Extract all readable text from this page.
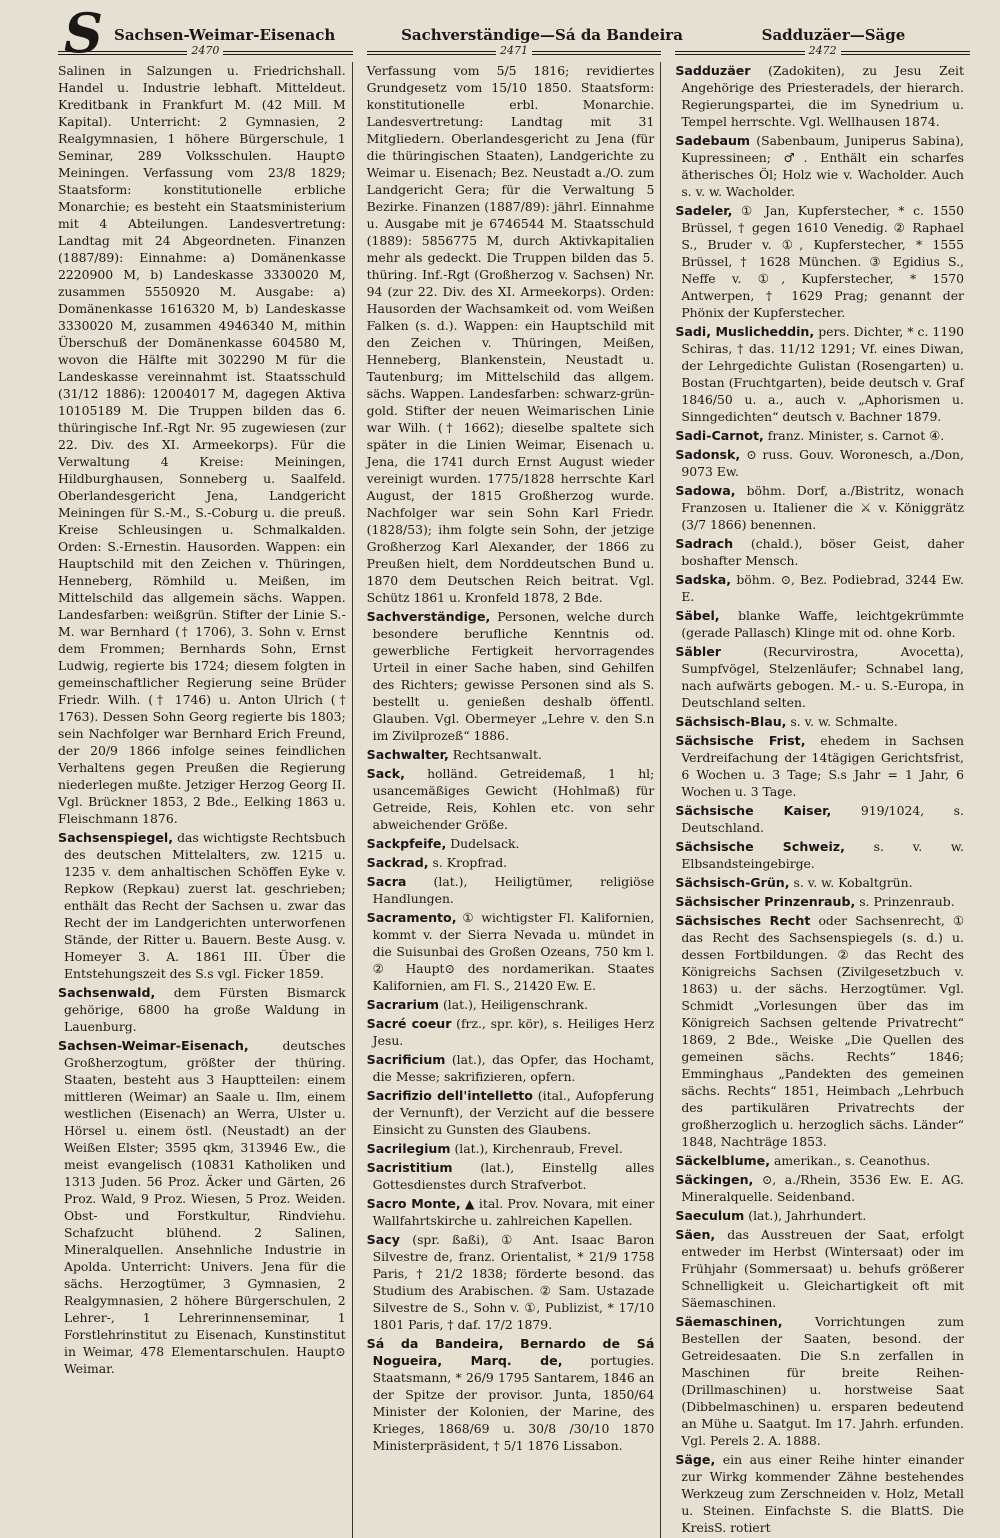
S Sachsen-Weimar-Eisenach	Sachverständige—Sá da Bandeira	Sadduzäer—Säge
2470	2471	2472

Salinen in Salzungen u. Friedrichshall. Handel u. Industrie lebhaft. Mitteldeut. Kreditbank in Frankfurt M. (42 Mill. M Kapital). Unterricht: 2 Gymnasien, 2 Realgymnasien, 1 höhere Bürgerschule, 1 Seminar, 289 Volksschulen. Haupt⊙ Meiningen. Verfassung vom 23/8 1829; Staatsform: konstitutionelle erbliche Monarchie; es besteht ein Staatsministerium mit 4 Abteilungen. Landesvertretung: Landtag mit 24 Abgeordneten. Finanzen (1887/89): Einnahme: a) Domänenkasse 2220900 M, b) Landeskasse 3330020 M, zusammen 5550920 M. Ausgabe: a) Domänenkasse 1616320 M, b) Landeskasse 3330020 M, zusammen 4946340 M, mithin Überschuß der Domänenkasse 604580 M, wovon die Hälfte mit 302290 M für die Landeskasse vereinnahmt ist. Staatsschuld (31/12 1886): 12004017 M, dagegen Aktiva 10105189 M. Die Truppen bilden das 6. thüringische Inf.-Rgt Nr. 95 zugewiesen (zur 22. Div. des XI. Armeekorps). Für die Verwaltung 4 Kreise: Meiningen, Hildburghausen, Sonneberg u. Saalfeld. Oberlandesgericht Jena, Landgericht Meiningen für S.-M., S.-Coburg u. die preuß. Kreise Schleusingen u. Schmalkalden. Orden: S.-Ernestin. Hausorden. Wappen: ein Hauptschild mit den Zeichen v. Thüringen, Henneberg, Römhild u. Meißen, im Mittelschild das allgemein sächs. Wappen. Landesfarben: weißgrün. Stifter der Linie S.-M. war Bernhard († 1706), 3. Sohn v. Ernst dem Frommen; Bernhards Sohn, Ernst Ludwig, regierte bis 1724; diesem folgten in gemeinschaftlicher Regierung seine Brüder Friedr. Wilh. († 1746) u. Anton Ulrich († 1763). Dessen Sohn Georg regierte bis 1803; sein Nachfolger war Bernhard Erich Freund, der 20/9 1866 infolge seines feindlichen Verhaltens gegen Preußen die Regierung niederlegen mußte. Jetziger Herzog Georg II. Vgl. Brückner 1853, 2 Bde., Eelking 1863 u. Fleischmann 1876.

Sachsenspiegel, das wichtigste Rechtsbuch des deutschen Mittelalters, zw. 1215 u. 1235 v. dem anhaltischen Schöffen Eyke v. Repkow (Repkau) zuerst lat. geschrieben; enthält das Recht der Sachsen u. zwar das Recht der im Landgerichten unterworfenen Stände, der Ritter u. Bauern. Beste Ausg. v. Homeyer 3. A. 1861 III. Über die Entstehungszeit des S.s vgl. Ficker 1859.

Sachsenwald, dem Fürsten Bismarck gehörige, 6800 ha große Waldung in Lauenburg.

Sachsen-Weimar-Eisenach,	deutsches Großherzogtum, größter der thüring. Staaten, besteht aus 3 Hauptteilen: einem mittleren (Weimar) an Saale u. Ilm, einem westlichen (Eisenach) an Werra, Ulster u. Hörsel u. einem östl. (Neustadt) an der Weißen Elster; 3595 qkm, 313946 Ew., die meist evangelisch (10831 Katholiken und 1313 Juden. 56 Proz. Äcker und Gärten, 26 Proz. Wald, 9 Proz. Wiesen, 5 Proz. Weiden. Obst- und Forstkultur, Rindviehu. Schafzucht blühend. 2 Salinen, Mineralquellen. Ansehnliche Industrie in Apolda. Unterricht: Univers. Jena für die sächs. Herzogtümer, 3 Gymnasien, 2 Realgymnasien, 2 höhere Bürgerschulen, 2 Lehrer-, 1 Lehrerinnenseminar, 1 Forstlehrinstitut zu Eisenach, Kunstinstitut in Weimar, 478 Elementarschulen. Haupt⊙ Weimar.

Verfassung vom 5/5 1816; revidiertes Grundgesetz vom 15/10 1850. Staatsform: konstitutionelle erbl. Monarchie. Landesvertretung: Landtag mit 31 Mitgliedern. Oberlandesgericht zu Jena (für die thüringischen Staaten), Landgerichte zu Weimar u. Eisenach; Bez. Neustadt a./O. zum Landgericht Gera; für die Verwaltung 5 Bezirke. Finanzen (1887/89): jährl. Einnahme u. Ausgabe mit je 6746544 M. Staatsschuld (1889): 5856775 M, durch Aktivkapitalien mehr als gedeckt. Die Truppen bilden das 5. thüring. Inf.-Rgt (Großherzog v. Sachsen) Nr. 94 (zur 22. Div. des XI. Armeekorps). Orden: Hausorden der Wachsamkeit od. vom Weißen Falken (s. d.). Wappen: ein Hauptschild mit den Zeichen v. Thüringen, Meißen, Henneberg, Blankenstein, Neustadt u. Tautenburg; im Mittelschild das allgem. sächs. Wappen. Landesfarben: schwarz-grün-gold. Stifter der neuen Weimarischen Linie war Wilh. († 1662); dieselbe spaltete sich später in die Linien Weimar, Eisenach u. Jena, die 1741 durch Ernst August wieder vereinigt wurden. 1775/1828 herrschte Karl August, der 1815 Großherzog wurde. Nachfolger war sein Sohn Karl Friedr. (1828/53); ihm folgte sein Sohn, der jetzige Großherzog Karl Alexander, der 1866 zu Preußen hielt, dem Norddeutschen Bund u. 1870 dem Deutschen Reich beitrat. Vgl. Schütz 1861 u. Kronfeld 1878, 2 Bde.

Sachverständige, Personen, welche durch besondere berufliche Kenntnis od. gewerbliche Fertigkeit hervorragendes Urteil in einer Sache haben, sind Gehilfen des Richters; gewisse Personen sind als S. bestellt u. genießen deshalb öffentl. Glauben. Vgl. Obermeyer „Lehre v. den S.n im Zivilprozeß“ 1886.

Sachwalter, Rechtsanwalt.

Sack, holländ. Getreidemaß, 1 hl; usancemäßiges Gewicht (Hohlmaß) für Getreide, Reis, Kohlen etc. von sehr abweichender Größe.

Sackpfeife, Dudelsack.

Sackrad, s. Kropfrad.

Sacra (lat.), Heiligtümer, religiöse Handlungen.

Sacramento, ① wichtigster Fl. Kalifornien, kommt v. der Sierra Nevada u. mündet in die Suisunbai des Großen Ozeans, 750 km l. ② Haupt⊙ des nordamerikan. Staates Kalifornien, am Fl. S., 21420 Ew. E.

Sacrarium (lat.), Heiligenschrank.

Sacré coeur (frz., spr. kör), s. Heiliges Herz Jesu.

Sacrificium (lat.), das Opfer, das Hochamt, die Messe; sakrifizieren, opfern.

Sacrifizio dell'intelletto (ital., Aufopferung der Vernunft), der Verzicht auf die bessere Einsicht zu Gunsten des Glaubens.

Sacrilegium (lat.), Kirchenraub, Frevel.

Sacristitium (lat.), Einstellg alles Gottesdienstes durch Strafverbot.

Sacro Monte, ▲ ital. Prov. Novara, mit einer Wallfahrtskirche u. zahlreichen Kapellen.

Sacy (spr. ßaßi), ① Ant. Isaac Baron Silvestre de, franz. Orientalist, * 21/9 1758 Paris, † 21/2 1838; förderte besond. das Studium des Arabischen. ② Sam. Ustazade Silvestre de S., Sohn v. ①, Publizist, * 17/10 1801 Paris, † daf. 17/2 1879.

Sá da Bandeira, Bernardo de Sá Nogueira, Marq. de, portugies. Staatsmann, * 26/9 1795 Santarem, 1846 an der Spitze der provisor. Junta, 1850/64 Minister der Kolonien, der Marine, des Krieges, 1868/69 u. 30/8 /30/10 1870 Ministerpräsident, † 5/1 1876 Lissabon.

Sadduzäer (Zadokiten), zu Jesu Zeit Angehörige des Priesteradels, der hierarch. Regierungspartei, die im Synedrium u. Tempel herrschte. Vgl. Wellhausen 1874.

Sadebaum (Sabenbaum, Juniperus Sabina), Kupressineen; ♂. Enthält ein scharfes ätherisches Öl; Holz wie v. Wacholder. Auch s. v. w. Wacholder.

Sadeler, ① Jan, Kupferstecher, * c. 1550 Brüssel, † gegen 1610 Venedig. ② Raphael S., Bruder v. ①, Kupferstecher, * 1555 Brüssel, † 1628 München. ③ Egidius S., Neffe v. ①, Kupferstecher, * 1570 Antwerpen, † 1629 Prag; genannt der Phönix der Kupferstecher.

Sadi, Muslicheddin, pers. Dichter, * c. 1190 Schiras, † das. 11/12 1291; Vf. eines Diwan, der Lehrgedichte Gulistan (Rosengarten) u. Bostan (Fruchtgarten), beide deutsch v. Graf 1846/50 u. a., auch v. „Aphorismen u. Sinngedichten“ deutsch v. Bachner 1879.

Sadi-Carnot, franz. Minister, s. Carnot ④.

Sadonsk, ⊙ russ. Gouv. Woronesch, a./Don, 9073 Ew.

Sadowa, böhm. Dorf, a./Bistritz, wonach Franzosen u. Italiener die ⚔ v. Königgrätz (3/7 1866) benennen.

Sadrach (chald.), böser Geist, daher boshafter Mensch.

Sadska, böhm. ⊙, Bez. Podiebrad, 3244 Ew. E.

Säbel, blanke Waffe, leichtgekrümmte (gerade Pallasch) Klinge mit od. ohne Korb.

Säbler	(Recurvirostra, Avocetta), Sumpfvögel, Stelzenläufer; Schnabel lang, nach aufwärts gebogen. M.- u. S.-Europa, in Deutschland selten.

Sächsisch-Blau, s. v. w. Schmalte.

Sächsische Frist, ehedem in Sachsen Verdreifachung der 14tägigen Gerichtsfrist, 6 Wochen u. 3 Tage; S.s Jahr = 1 Jahr, 6 Wochen u. 3 Tage.

Sächsische Kaiser, 919/1024, s. Deutschland.

Sächsische Schweiz, s. v. w. Elbsandsteingebirge.

Sächsisch-Grün, s. v. w. Kobaltgrün.

Sächsischer Prinzenraub, s. Prinzenraub.

Sächsisches Recht oder Sachsenrecht, ① das Recht des Sachsenspiegels (s. d.) u. dessen Fortbildungen. ② das Recht des Königreichs Sachsen (Zivilgesetzbuch v. 1863) u. der sächs. Herzogtümer. Vgl. Schmidt „Vorlesungen über das im Königreich Sachsen geltende Privatrecht“ 1869, 2 Bde., Weiske „Die Quellen des gemeinen sächs. Rechts“ 1846; Emminghaus „Pandekten des gemeinen sächs. Rechts“ 1851, Heimbach „Lehrbuch des partikulären Privatrechts der großherzoglich u. herzoglich sächs. Länder“ 1848, Nachträge 1853.

Säckelblume, amerikan., s. Ceanothus.

Säckingen, ⊙, a./Rhein, 3536 Ew. E. AG. Mineralquelle. Seidenband.

Saeculum (lat.), Jahrhundert.

Säen, das Ausstreuen der Saat, erfolgt entweder im Herbst (Wintersaat) oder im Frühjahr (Sommersaat) u. behufs größerer Schnelligkeit u. Gleichartigkeit oft mit Säemaschinen.

Säemaschinen,	Vorrichtungen zum Bestellen der Saaten, besond. der Getreidesaaten. Die S.n zerfallen in Maschinen für breite Reihen- (Drillmaschinen) u. horstweise Saat (Dibbelmaschinen) u. ersparen bedeutend an Mühe u. Saatgut. Im 17. Jahrh. erfunden. Vgl. Perels 2. A. 1888.

Säge, ein aus einer Reihe hinter einander zur Wirkg kommender Zähne bestehendes Werkzeug zum Zerschneiden v. Holz, Metall u. Steinen. Einfachste S. die BlattS. Die KreisS. rotiert
